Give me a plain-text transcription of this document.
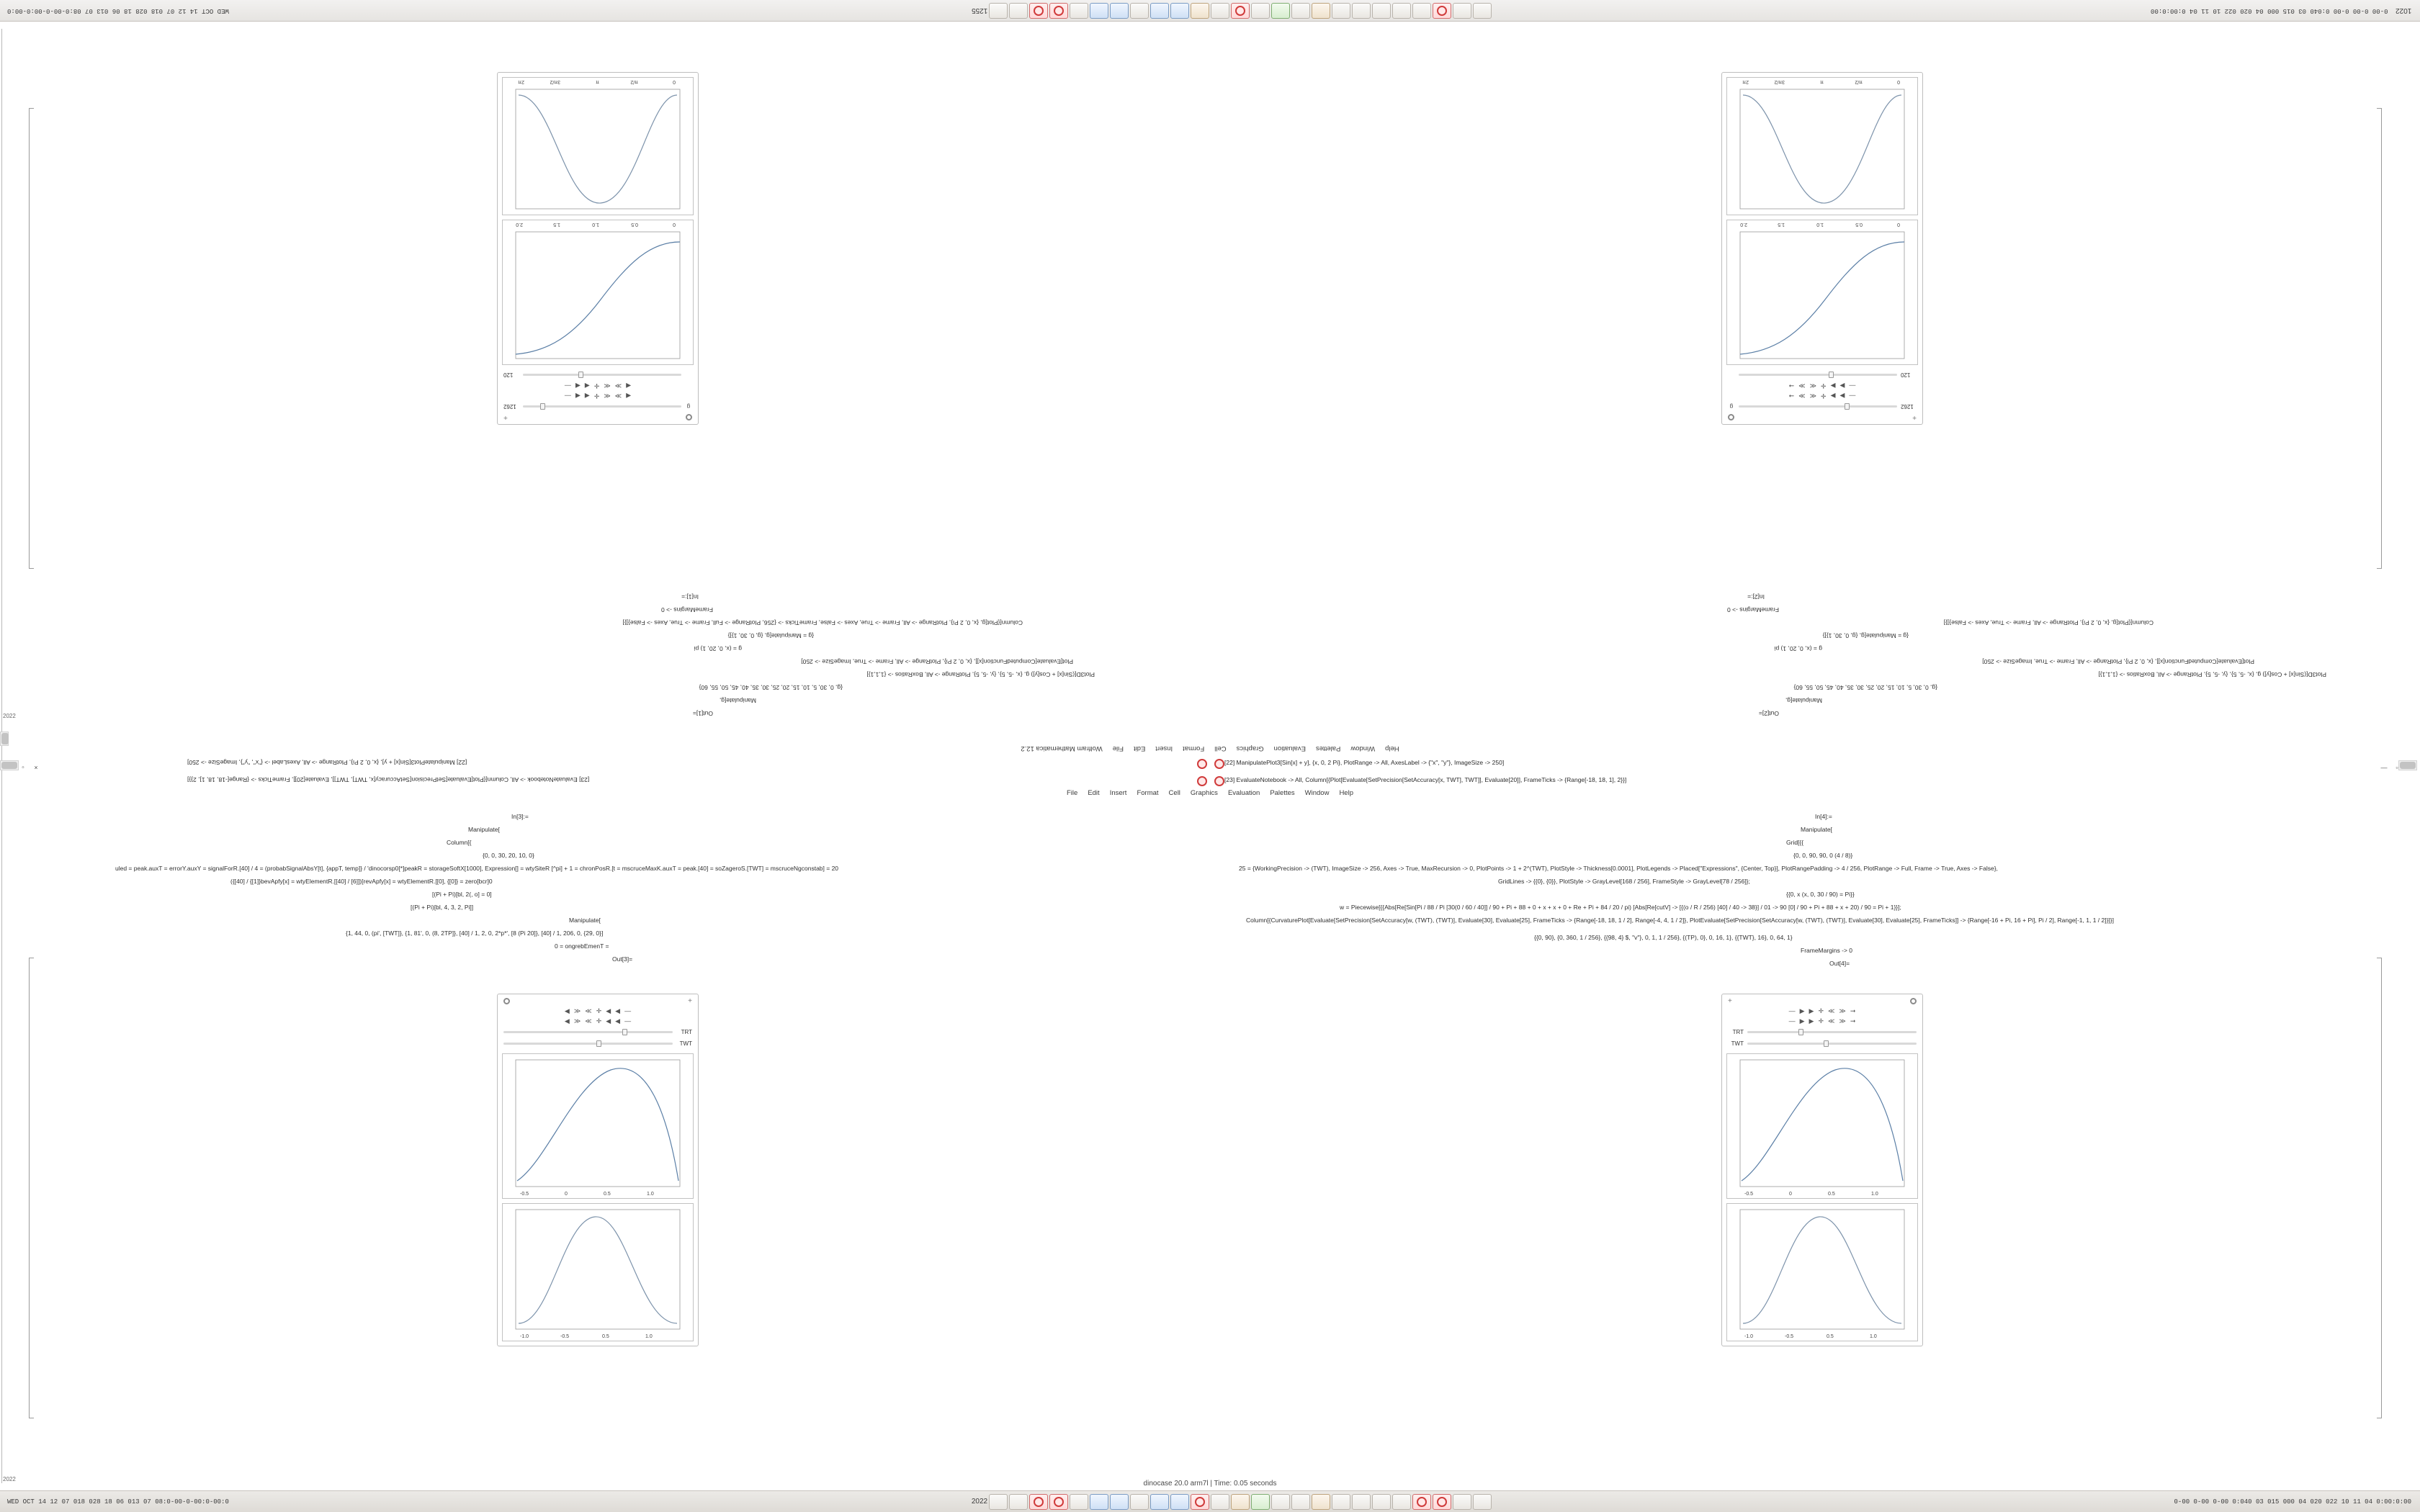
WED OCT 14 12 07 018 028 18 06 013 07 08:0-00-0-00:0-00:0	1255	0-00 0-00 0-00 0:040 03 015 000 04 020 022 10 11 04 0:00:0:00 1022
2022
2022
+
g
1262
◀
≫
≪
✛
◀
◀
—
◀
≫
≪
✛
◀
◀
—
120
0
0.5
1.0
1.5
2.0
0
π/2
π
3π/2
2π
+
1262
g
—
▶
▶
✛
≪
≫
➞
—
▶
▶
✛
≪
≫
➞
120
0
0.5
1.0
1.5
2.0
0
π/2
π
3π/2
2π
Out[1]=
Manipulate[g,
{g, 0, 30, 5, 10, 15, 20, 25, 30, 35, 40, 45, 50, 55, 60}
Plot3D[(Sin[x] + Cos[y]) g, {x, -5, 5}, {y, -5, 5}, PlotRange -> All, BoxRatios -> {1,1,1}]
Plot[Evaluate[ComputedFunction[x]], {x, 0, 2 Pi}, PlotRange -> All, Frame -> True, ImageSize -> 250]
g = (x, 0, 20, 1) pi
{g = Manipulate[g, {g, 0, 30, 1}]}
Column[{Plot[g, {x, 0, 2 Pi}, PlotRange -> All, Frame -> True, Axes -> False, FrameTicks -> {256, PlotRange -> Full, Frame -> True, Axes -> False}]}]
FrameMargins -> 0
In[1]:=
Out[2]=
Manipulate[g,
{g, 0, 30, 5, 10, 15, 20, 25, 30, 35, 40, 45, 50, 55, 60}
Plot3D[(Sin[x] + Cos[y]) g, {x, -5, 5}, {y, -5, 5}, PlotRange -> All, BoxRatios -> {1,1,1}]
Plot[Evaluate[ComputedFunction[x]], {x, 0, 2 Pi}, PlotRange -> All, Frame -> True, ImageSize -> 250]
g = (x, 0, 20, 1) pi
{g = Manipulate[g, {g, 0, 30, 1}]}
Column[{Plot[g, {x, 0, 2 Pi}, PlotRange -> All, Frame -> True, Axes -> False}]}]
FrameMargins -> 0
In[2]:=
Help
Window
Palettes
Evaluation
Graphics
Cell
Format
Insert
Edit
File
Wolfram Mathematica 12.2
File Edit Insert Format Cell Graphics Evaluation Palettes Window Help
—	▫
×
▫
[22] ManipulatePlot3[Sin[x] + y], {x, 0, 2 Pi}, PlotRange -> All, AxesLabel -> {"x", "y"}, ImageSize -> 250]	[22] ManipulatePlot3[Sin[x] + y], {x, 0, 2 Pi}, PlotRange -> All, AxesLabel -> {"x", "y"}, ImageSize -> 250]
[23] EvaluateNotebook -> All, Column[{Plot[Evaluate[SetPrecision[SetAccuracy[x, TWT], TWT]], Evaluate[20]], FrameTicks -> {Range[-18, 18, 1], 2}}]	[23] EvaluateNotebook -> All, Column[{Plot[Evaluate[SetPrecision[SetAccuracy[x, TWT], TWT]], Evaluate[20]], FrameTicks -> {Range[-18, 18, 1], 2}}]
In[3]:=
Manipulate[
Column[{
{0, 0, 30, 20, 10, 0}
uled = peak.auxT = errorY.auxY = signalForR.[40] / 4 = (probabSignalAbsY[t], {appT, temp]} / 'dinocorsp0[*]peakR = storageSoftX[1000], Expression[] = wtySiteR [^pi] + 1 = chronPosR.[t = mscruceMaxK.auxT = peak.[40] = soZageroS.[TWT] = mscruceNgconstab] = 20
({[40] / {[1]}bevApfy[x] = wtyElementR.[[40] / [6]])[revApfy[x] = wtyElementR.[[0], {[0]} = zero[bcr]0
[(Pi + Pi)[bl, 2(, o] = 0]
[(Pi + Pi)[bl, 4, 3, 2, Pi]]
Manipulate[
{1, 44, 0, (pi', [TWT]}, {1, 81', 0, (8, 2TP]}, [40] / 1, 2, 0, 2*p*', [8 (Pi 20]}, [40] / 1, 206, 0, {29, 0}]
0 = ongrebEmenT =
Out[3]=
In[4]:=
Manipulate[
Grid[{{
{0, 0, 90, 90, 0 (4 / 8)}
25 = {WorkingPrecision -> (TWT), ImageSize -> 256, Axes -> True, MaxRecursion -> 0, PlotPoints -> 1 + 2^(TWT), PlotStyle -> Thickness[0.0001], PlotLegends -> Placed["Expressions", {Center, Top}], PlotRangePadding -> 4 / 256, PlotRange -> Full, Frame -> True, Axes -> False},
GridLines -> {{0}, {0}}, PlotStyle -> GrayLevel[168 / 256], FrameStyle -> GrayLevel[78 / 256]};
{{0, x (x, 0, 30 / 90) = Pi}}
w = Piecewise[{{Abs[Re[Sin[Pi / 88 / Pi [30(0 / 60 / 40]] / 90 + Pi + 88 + 0 + x + x + 0 + Re + Pi + 84 / 20 / pi) [Abs[Re[cutV] -> [{(o / R / 256) [40] / 40 -> 38}] / 01 -> 90 [0] / 90 + Pi + 88 + x + 20) / 90 = Pi + 1}}];
Column[{CurvaturePlot[Evaluate[SetPrecision[SetAccuracy[w, (TWT), (TWT)], Evaluate[30], Evaluate[25], FrameTicks -> {Range[-18, 18, 1 / 2], Range[-4, 4, 1 / 2]}, PlotEvaluate[SetPrecision[SetAccuracy[w, (TWT), (TWT)], Evaluate[30], Evaluate[25], FrameTicks]] -> {Range[-16 + Pi, 16 + Pi], Pi / 2], Range[-1, 1, 1 / 2]}]}]
{{0, 90}, {0, 360, 1 / 256}, {{98, 4} $, "v"}, 0, 1, 1 / 256}, {(TP), 0}, 0, 16, 1}, {{TWT}, 16}, 0, 64, 1}
FrameMargins -> 0
Out[4]=
+
◀ ≫ ≪ ✛ ◀ ◀ —
◀ ≫ ≪ ✛ ◀ ◀ —
TRT
TWT
-0.5	0	0.5	1.0
-1.0	-0.5	0.5	1.0
+
— ▶ ▶ ✛ ≪ ≫ ➞
— ▶ ▶ ✛ ≪ ≫ ➞
TRT
TWT
-0.5	0	0.5	1.0
-1.0	-0.5	0.5	1.0
dinocase 20.0 arm7l | Time: 0.05 seconds
WED OCT 14 12 07 018 028 18 06 013 07 08:0-00-0-00:0-00:0	2022	0-00 0-00 0-00 0:040 03 015 000 04 020 022 10 11 04 0:00:0:00
